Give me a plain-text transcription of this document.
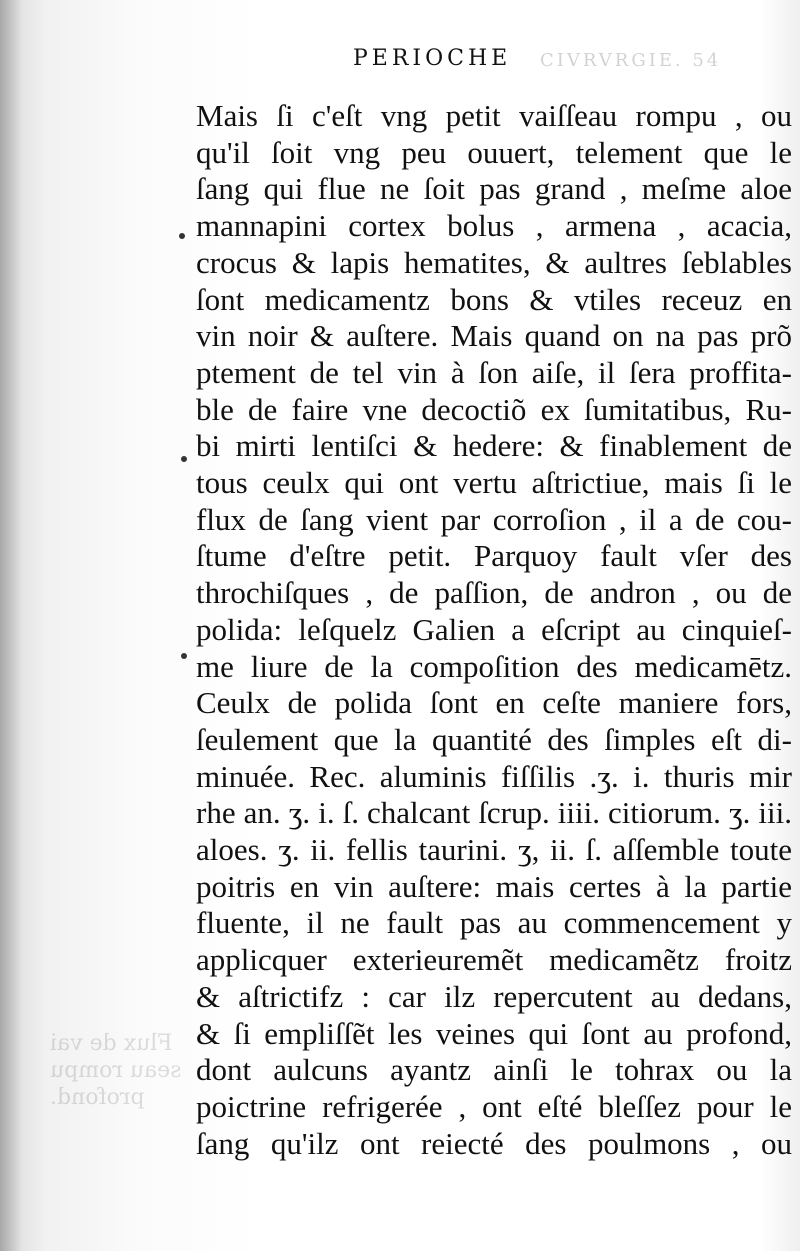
CIVRVRGIE. 54
Flux de vai
seau rompu
profond.
PERIOCHE
Mais ſi c'eſt vng petit vaiſſeau rompu , ou
qu'il ſoit vng peu ouuert, telement que le
ſang qui flue ne ſoit pas grand , meſme aloe
mannapini cortex bolus , armena , acacia,
crocus & lapis hematites, & aultres ſeblables
ſont medicamentz bons & vtiles receuz en
vin noir & auſtere. Mais quand on na pas prõ
ptement de tel vin à ſon aiſe, il ſera proffita-
ble de faire vne decoctiõ ex ſumitatibus, Ru-
bi mirti lentiſci & hedere: & finablement de
tous ceulx qui ont vertu aſtrictiue, mais ſi le
flux de ſang vient par corroſion , il a de cou-
ſtume d'eſtre petit. Parquoy fault vſer des
throchiſques , de paſſion, de andron , ou de
polida: leſquelz Galien a eſcript au cinquieſ-
me liure de la compoſition des medicamētz.
Ceulx de polida ſont en ceſte maniere fors,
ſeulement que la quantité des ſimples eſt di-
minuée. Rec. aluminis fiſſilis .ʒ. i. thuris mir
rhe an. ʒ. i. ſ. chalcant ſcrup. iiii. citiorum. ʒ. iii.
aloes. ʒ. ii. fellis taurini. ʒ, ii. ſ. aſſemble toute
poitris en vin auſtere: mais certes à la partie
fluente, il ne fault pas au commencement y
applicquer exterieuremẽt medicamẽtz froitz
& aſtrictifz : car ilz repercutent au dedans,
& ſi empliſſẽt les veines qui ſont au profond,
dont aulcuns ayantz ainſi le tohrax ou la
poictrine refrigerée , ont eſté bleſſez pour le
ſang qu'ilz ont reiecté des poulmons , ou
